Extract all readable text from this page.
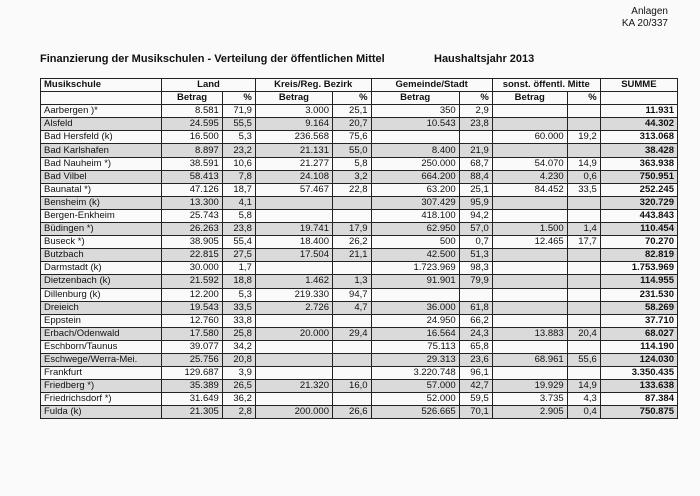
Anlagen
KA 20/337
Finanzierung der Musikschulen - Verteilung der öffentlichen Mittel	Haushaltsjahr 2013
Musikschule	Land		Kreis/Reg. Bezirk		Gemeinde/Stadt		sonst. öffentl. Mitte		SUMME
	Betrag	%	Betrag	%	Betrag	%	Betrag	%	
Aarbergen )*	8.581	71,9	3.000	25,1	350	2,9			11.931
Alsfeld	24.595	55,5	9.164	20,7	10.543	23,8			44.302
Bad Hersfeld (k)	16.500	5,3	236.568	75,6			60.000	19,2	313.068
Bad Karlshafen	8.897	23,2	21.131	55,0	8.400	21,9			38.428
Bad Nauheim *)	38.591	10,6	21.277	5,8	250.000	68,7	54.070	14,9	363.938
Bad Vilbel	58.413	7,8	24.108	3,2	664.200	88,4	4.230	0,6	750.951
Baunatal *)	47.126	18,7	57.467	22,8	63.200	25,1	84.452	33,5	252.245
Bensheim (k)	13.300	4,1			307.429	95,9			320.729
Bergen-Enkheim	25.743	5,8			418.100	94,2			443.843
Büdingen *)	26.263	23,8	19.741	17,9	62.950	57,0	1.500	1,4	110.454
Buseck *)	38.905	55,4	18.400	26,2	500	0,7	12.465	17,7	70.270
Butzbach	22.815	27,5	17.504	21,1	42.500	51,3			82.819
Darmstadt (k)	30.000	1,7			1.723.969	98,3			1.753.969
Dietzenbach (k)	21.592	18,8	1.462	1,3	91.901	79,9			114.955
Dillenburg (k)	12.200	5,3	219.330	94,7					231.530
Dreieich	19.543	33,5	2.726	4,7	36.000	61,8			58.269
Eppstein	12.760	33,8			24.950	66,2			37.710
Erbach/Odenwald	17.580	25,8	20.000	29,4	16.564	24,3	13.883	20,4	68.027
Eschborn/Taunus	39.077	34,2			75.113	65,8			114.190
Eschwege/Werra-Mei.	25.756	20,8			29.313	23,6	68.961	55,6	124.030
Frankfurt	129.687	3,9			3.220.748	96,1			3.350.435
Friedberg *)	35.389	26,5	21.320	16,0	57.000	42,7	19.929	14,9	133.638
Friedrichsdorf *)	31.649	36,2			52.000	59,5	3.735	4,3	87.384
Fulda (k)	21.305	2,8	200.000	26,6	526.665	70,1	2.905	0,4	750.875
